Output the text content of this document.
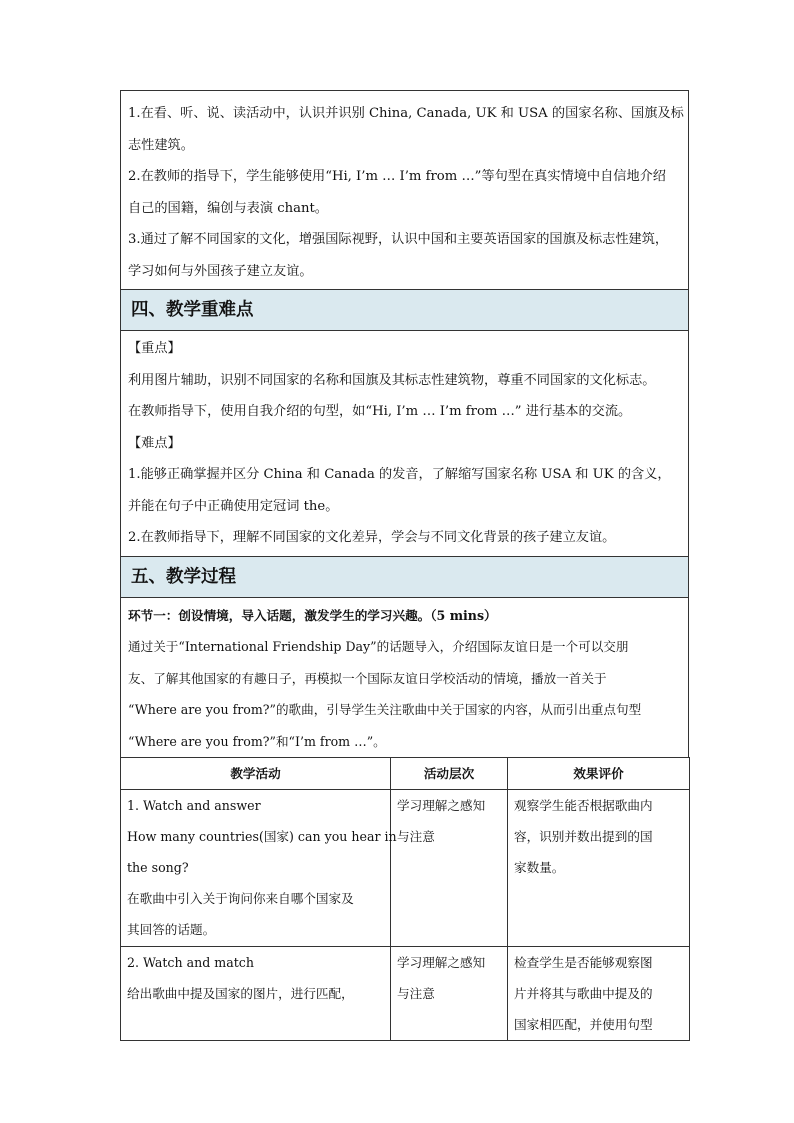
1.在看、听、说、读活动中，认识并识别 China, Canada, UK 和 USA 的国家名称、国旗及标
志性建筑。
2.在教师的指导下，学生能够使用“Hi, I’m … I’m from …”等句型在真实情境中自信地介绍
自己的国籍，编创与表演 chant。
3.通过了解不同国家的文化，增强国际视野，认识中国和主要英语国家的国旗及标志性建筑，
学习如何与外国孩子建立友谊。
四、教学重难点
【重点】
利用图片辅助，识别不同国家的名称和国旗及其标志性建筑物，尊重不同国家的文化标志。
在教师指导下，使用自我介绍的句型，如“Hi, I’m … I’m from …” 进行基本的交流。
【难点】
1.能够正确掌握并区分 China 和 Canada 的发音，了解缩写国家名称 USA 和 UK 的含义，
并能在句子中正确使用定冠词 the。
2.在教师指导下，理解不同国家的文化差异，学会与不同文化背景的孩子建立友谊。
五、教学过程
环节一：创设情境，导入话题，激发学生的学习兴趣。（5 mins）
通过关于“International Friendship Day”的话题导入，介绍国际友谊日是一个可以交朋
友、了解其他国家的有趣日子，再模拟一个国际友谊日学校活动的情境，播放一首关于
“Where are you from?”的歌曲，引导学生关注歌曲中关于国家的内容，从而引出重点句型
“Where are you from?”和“I’m from …”。
教学活动	活动层次	效果评价

1. Watch and answer
How many countries(国家) can you hear in
the song?
在歌曲中引入关于询问你来自哪个国家及
其回答的话题。	学习理解之感知
与注意	观察学生能否根据歌曲内
容，识别并数出提到的国
家数量。

2. Watch and match
给出歌曲中提及国家的图片，进行匹配，	学习理解之感知
与注意	检查学生是否能够观察图
片并将其与歌曲中提及的
国家相匹配，并使用句型
